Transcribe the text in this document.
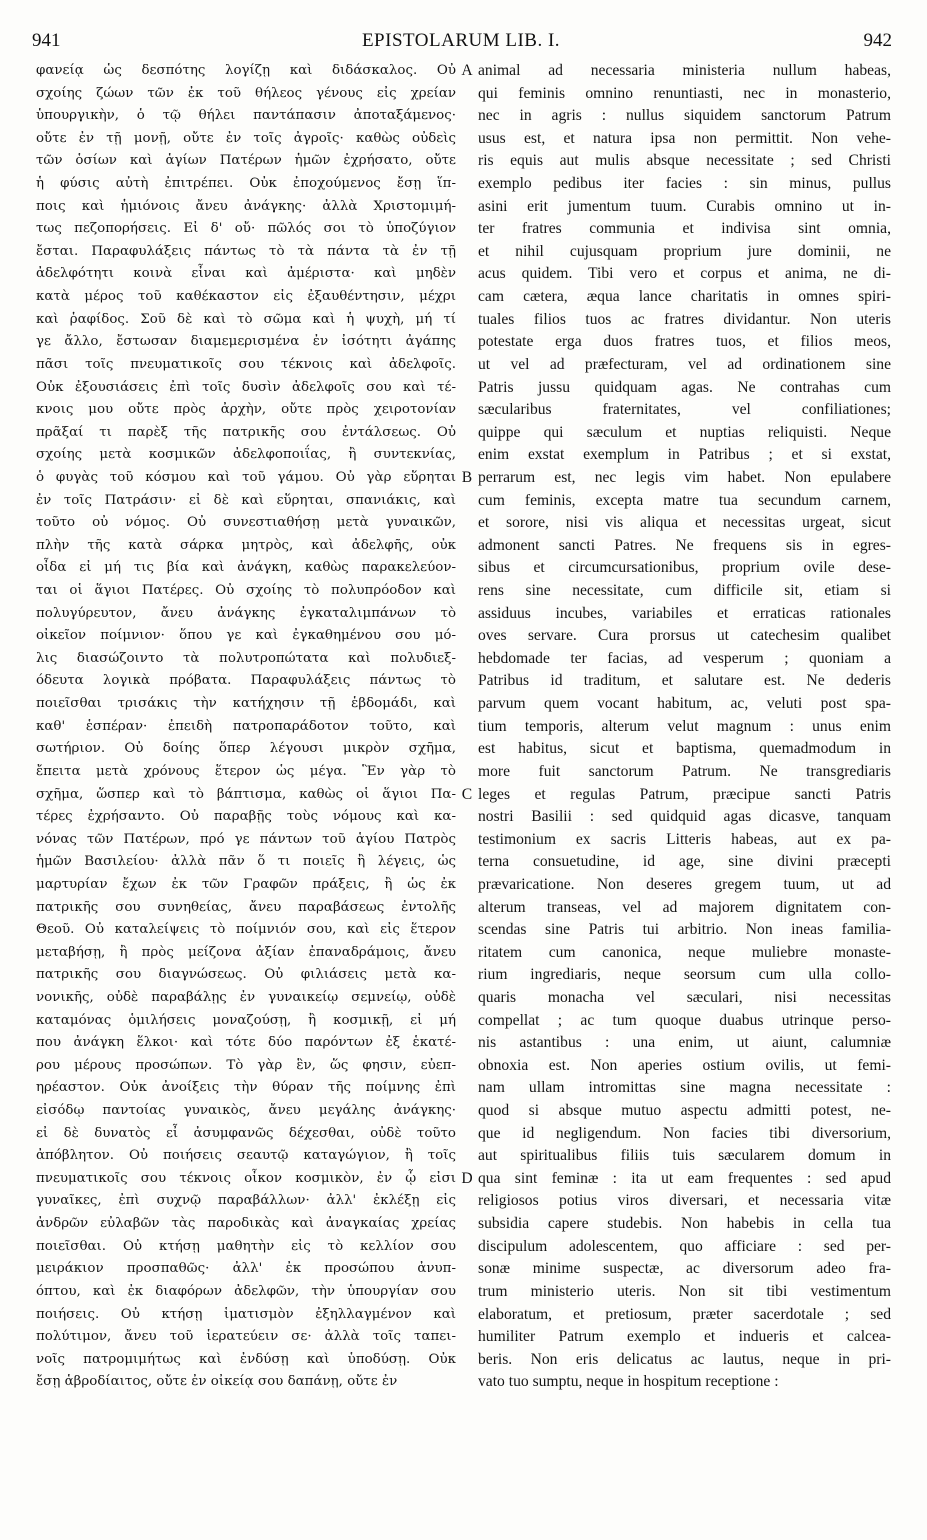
941	EPISTOLARUM LIB. I.	942
φανείᾳ ὡς δεσπότης λογίζῃ καὶ διδάσκαλος. Οὐ
σχοίης ζώων τῶν ἐκ τοῦ θήλεος γένους εἰς χρείαν
ὑπουργικὴν, ὁ τῷ θήλει παντάπασιν ἀποταξάμενος·
οὔτε ἐν τῇ μονῇ, οὔτε ἐν τοῖς ἀγροῖς· καθὼς οὐδεὶς
τῶν ὁσίων καὶ ἁγίων Πατέρων ἡμῶν ἐχρήσατο, οὔτε
ἡ φύσις αὐτὴ ἐπιτρέπει. Οὐκ ἐποχούμενος ἔσῃ ἵπ-
ποις καὶ ἡμιόνοις ἄνευ ἀνάγκης· ἀλλὰ Χριστομιμή-
τως πεζοπορήσεις. Εἰ δ' οὔ· πῶλός σοι τὸ ὑποζύγιον
ἔσται. Παραφυλάξεις πάντως τὸ τὰ πάντα τὰ ἐν τῇ
ἀδελφότητι κοινὰ εἶναι καὶ ἀμέριστα· καὶ μηδὲν
κατὰ μέρος τοῦ καθέκαστον εἰς ἐξαυθέντησιν, μέχρι
καὶ ῥαφίδος. Σοῦ δὲ καὶ τὸ σῶμα καὶ ἡ ψυχὴ, μή τί
γε ἄλλο, ἔστωσαν διαμεμερισμένα ἐν ἰσότητι ἀγάπης
πᾶσι τοῖς πνευματικοῖς σου τέκνοις καὶ ἀδελφοῖς.
Οὐκ ἐξουσιάσεις ἐπὶ τοῖς δυσὶν ἀδελφοῖς σου καὶ τέ-
κνοις μου οὔτε πρὸς ἀρχὴν, οὔτε πρὸς χειροτονίαν
πρᾶξαί τι παρὲξ τῆς πατρικῆς σου ἐντάλσεως. Οὐ
σχοίης μετὰ κοσμικῶν ἀδελφοποιΐας, ἢ συντεκνίας,
ὁ φυγὰς τοῦ κόσμου καὶ τοῦ γάμου. Οὐ γὰρ εὕρηται
ἐν τοῖς Πατράσιν· εἰ δὲ καὶ εὕρηται, σπανιάκις, καὶ
τοῦτο οὐ νόμος. Οὐ συνεστιαθήσῃ μετὰ γυναικῶν,
πλὴν τῆς κατὰ σάρκα μητρὸς, καὶ ἀδελφῆς, οὐκ
οἶδα εἰ μή τις βία καὶ ἀνάγκη, καθὼς παρακελεύον-
ται οἱ ἅγιοι Πατέρες. Οὐ σχοίης τὸ πολυπρόοδον καὶ
πολυγύρευτον, ἄνευ ἀνάγκης ἐγκαταλιμπάνων τὸ
οἰκεῖον ποίμνιον· ὅπου γε καὶ ἐγκαθημένου σου μό-
λις διασώζοιντο τὰ πολυτροπώτατα καὶ πολυδιεξ-
όδευτα λογικὰ πρόβατα. Παραφυλάξεις πάντως τὸ
ποιεῖσθαι τρισάκις τὴν κατήχησιν τῇ ἑβδομάδι, καὶ
καθ' ἑσπέραν· ἐπειδὴ πατροπαράδοτον τοῦτο, καὶ
σωτήριον. Οὐ δοίης ὅπερ λέγουσι μικρὸν σχῆμα,
ἔπειτα μετὰ χρόνους ἕτερον ὡς μέγα. Ἓν γὰρ τὸ
σχῆμα, ὥσπερ καὶ τὸ βάπτισμα, καθὼς οἱ ἅγιοι Πα-
τέρες ἐχρήσαντο. Οὐ παραβῇς τοὺς νόμους καὶ κα-
νόνας τῶν Πατέρων, πρό γε πάντων τοῦ ἁγίου Πατρὸς
ἡμῶν Βασιλείου· ἀλλὰ πᾶν ὅ τι ποιεῖς ἢ λέγεις, ὡς
μαρτυρίαν ἔχων ἐκ τῶν Γραφῶν πράξεις, ἢ ὡς ἐκ
πατρικῆς σου συνηθείας, ἄνευ παραβάσεως ἐντολῆς
Θεοῦ. Οὐ καταλείψεις τὸ ποίμνιόν σου, καὶ εἰς ἕτερον
μεταβήσῃ, ἢ πρὸς μείζονα ἀξίαν ἐπαναδράμοις, ἄνευ
πατρικῆς σου διαγνώσεως. Οὐ φιλιάσεις μετὰ κα-
νονικῆς, οὐδὲ παραβάλῃς ἐν γυναικείῳ σεμνείῳ, οὐδὲ
καταμόνας ὁμιλήσεις μοναζούσῃ, ἢ κοσμικῇ, εἰ μή
που ἀνάγκη ἕλκοι· καὶ τότε δύο παρόντων ἐξ ἑκατέ-
ρου μέρους προσώπων. Τὸ γὰρ ἓν, ὥς φησιν, εὐεπ-
ηρέαστον. Οὐκ ἀνοίξεις τὴν θύραν τῆς ποίμνης ἐπὶ
εἰσόδῳ παντοίας γυναικὸς, ἄνευ μεγάλης ἀνάγκης·
εἰ δὲ δυνατὸς εἶ ἀσυμφανῶς δέχεσθαι, οὐδὲ τοῦτο
ἀπόβλητον. Οὐ ποιήσεις σεαυτῷ καταγώγιον, ἢ τοῖς
πνευματικοῖς σου τέκνοις οἶκον κοσμικὸν, ἐν ᾧ εἰσι
γυναῖκες, ἐπὶ συχνῷ παραβάλλων· ἀλλ' ἐκλέξῃ εἰς
ἀνδρῶν εὐλαβῶν τὰς παροδικὰς καὶ ἀναγκαίας χρείας
ποιεῖσθαι. Οὐ κτήσῃ μαθητὴν εἰς τὸ κελλίον σου
μειράκιον προσπαθῶς· ἀλλ' ἐκ προσώπου ἀνυπ-
όπτου, καὶ ἐκ διαφόρων ἀδελφῶν, τὴν ὑπουργίαν σου
ποιήσεις. Οὐ κτήσῃ ἱματισμὸν ἐξηλλαγμένον καὶ
πολύτιμον, ἄνευ τοῦ ἱερατεύειν σε· ἀλλὰ τοῖς ταπει-
νοῖς πατρομιμήτως καὶ ἐνδύσῃ καὶ ὑποδύσῃ. Οὐκ
ἔσῃ ἁβροδίαιτος, οὔτε ἐν οἰκείᾳ σου δαπάνῃ, οὔτε ἐν
A
B
C
D
animal ad necessaria ministeria nullum habeas,
qui feminis omnino renuntiasti, nec in monasterio,
nec in agris : nullus siquidem sanctorum Patrum
usus est, et natura ipsa non permittit. Non vehe-
ris equis aut mulis absque necessitate ; sed Christi
exemplo pedibus iter facies : sin minus, pullus
asini erit jumentum tuum. Curabis omnino ut in-
ter fratres communia et indivisa sint omnia,
et nihil cujusquam proprium jure dominii, ne
acus quidem. Tibi vero et corpus et anima, ne di-
cam cætera, æqua lance charitatis in omnes spiri-
tuales filios tuos ac fratres dividantur. Non uteris
potestate erga duos fratres tuos, et filios meos,
ut vel ad præfecturam, vel ad ordinationem sine
Patris jussu quidquam agas. Ne contrahas cum
sæcularibus fraternitates, vel confiliationes;
quippe qui sæculum et nuptias reliquisti. Neque
enim exstat exemplum in Patribus ; et si exstat,
perrarum est, nec legis vim habet. Non epulabere
cum feminis, excepta matre tua secundum carnem,
et sorore, nisi vis aliqua et necessitas urgeat, sicut
admonent sancti Patres. Ne frequens sis in egres-
sibus et circumcursationibus, proprium ovile dese-
rens sine necessitate, cum difficile sit, etiam si
assiduus incubes, variabiles et erraticas rationales
oves servare. Cura prorsus ut catechesim qualibet
hebdomade ter facias, ad vesperum ; quoniam a
Patribus id traditum, et salutare est. Ne dederis
parvum quem vocant habitum, ac, veluti post spa-
tium temporis, alterum velut magnum : unus enim
est habitus, sicut et baptisma, quemadmodum in
more fuit sanctorum Patrum. Ne transgrediaris
leges et regulas Patrum, præcipue sancti Patris
nostri Basilii : sed quidquid agas dicasve, tanquam
testimonium ex sacris Litteris habeas, aut ex pa-
terna consuetudine, id age, sine divini præcepti
prævaricatione. Non deseres gregem tuum, ut ad
alterum transeas, vel ad majorem dignitatem con-
scendas sine Patris tui arbitrio. Non ineas familia-
ritatem cum canonica, neque muliebre monaste-
rium ingrediaris, neque seorsum cum ulla collo-
quaris monacha vel sæculari, nisi necessitas
compellat ; ac tum quoque duabus utrinque perso-
nis astantibus : una enim, ut aiunt, calumniæ
obnoxia est. Non aperies ostium ovilis, ut femi-
nam ullam intromittas sine magna necessitate :
quod si absque mutuo aspectu admitti potest, ne-
que id negligendum. Non facies tibi diversorium,
aut spiritualibus filiis tuis sæcularem domum in
qua sint feminæ : ita ut eam frequentes : sed apud
religiosos potius viros diversari, et necessaria vitæ
subsidia capere studebis. Non habebis in cella tua
discipulum adolescentem, quo afficiare : sed per-
sonæ minime suspectæ, ac diversorum adeo fra-
trum ministerio uteris. Non sit tibi vestimentum
elaboratum, et pretiosum, præter sacerdotale ; sed
humiliter Patrum exemplo et indueris et calcea-
beris. Non eris delicatus ac lautus, neque in pri-
vato tuo sumptu, neque in hospitum receptione :
